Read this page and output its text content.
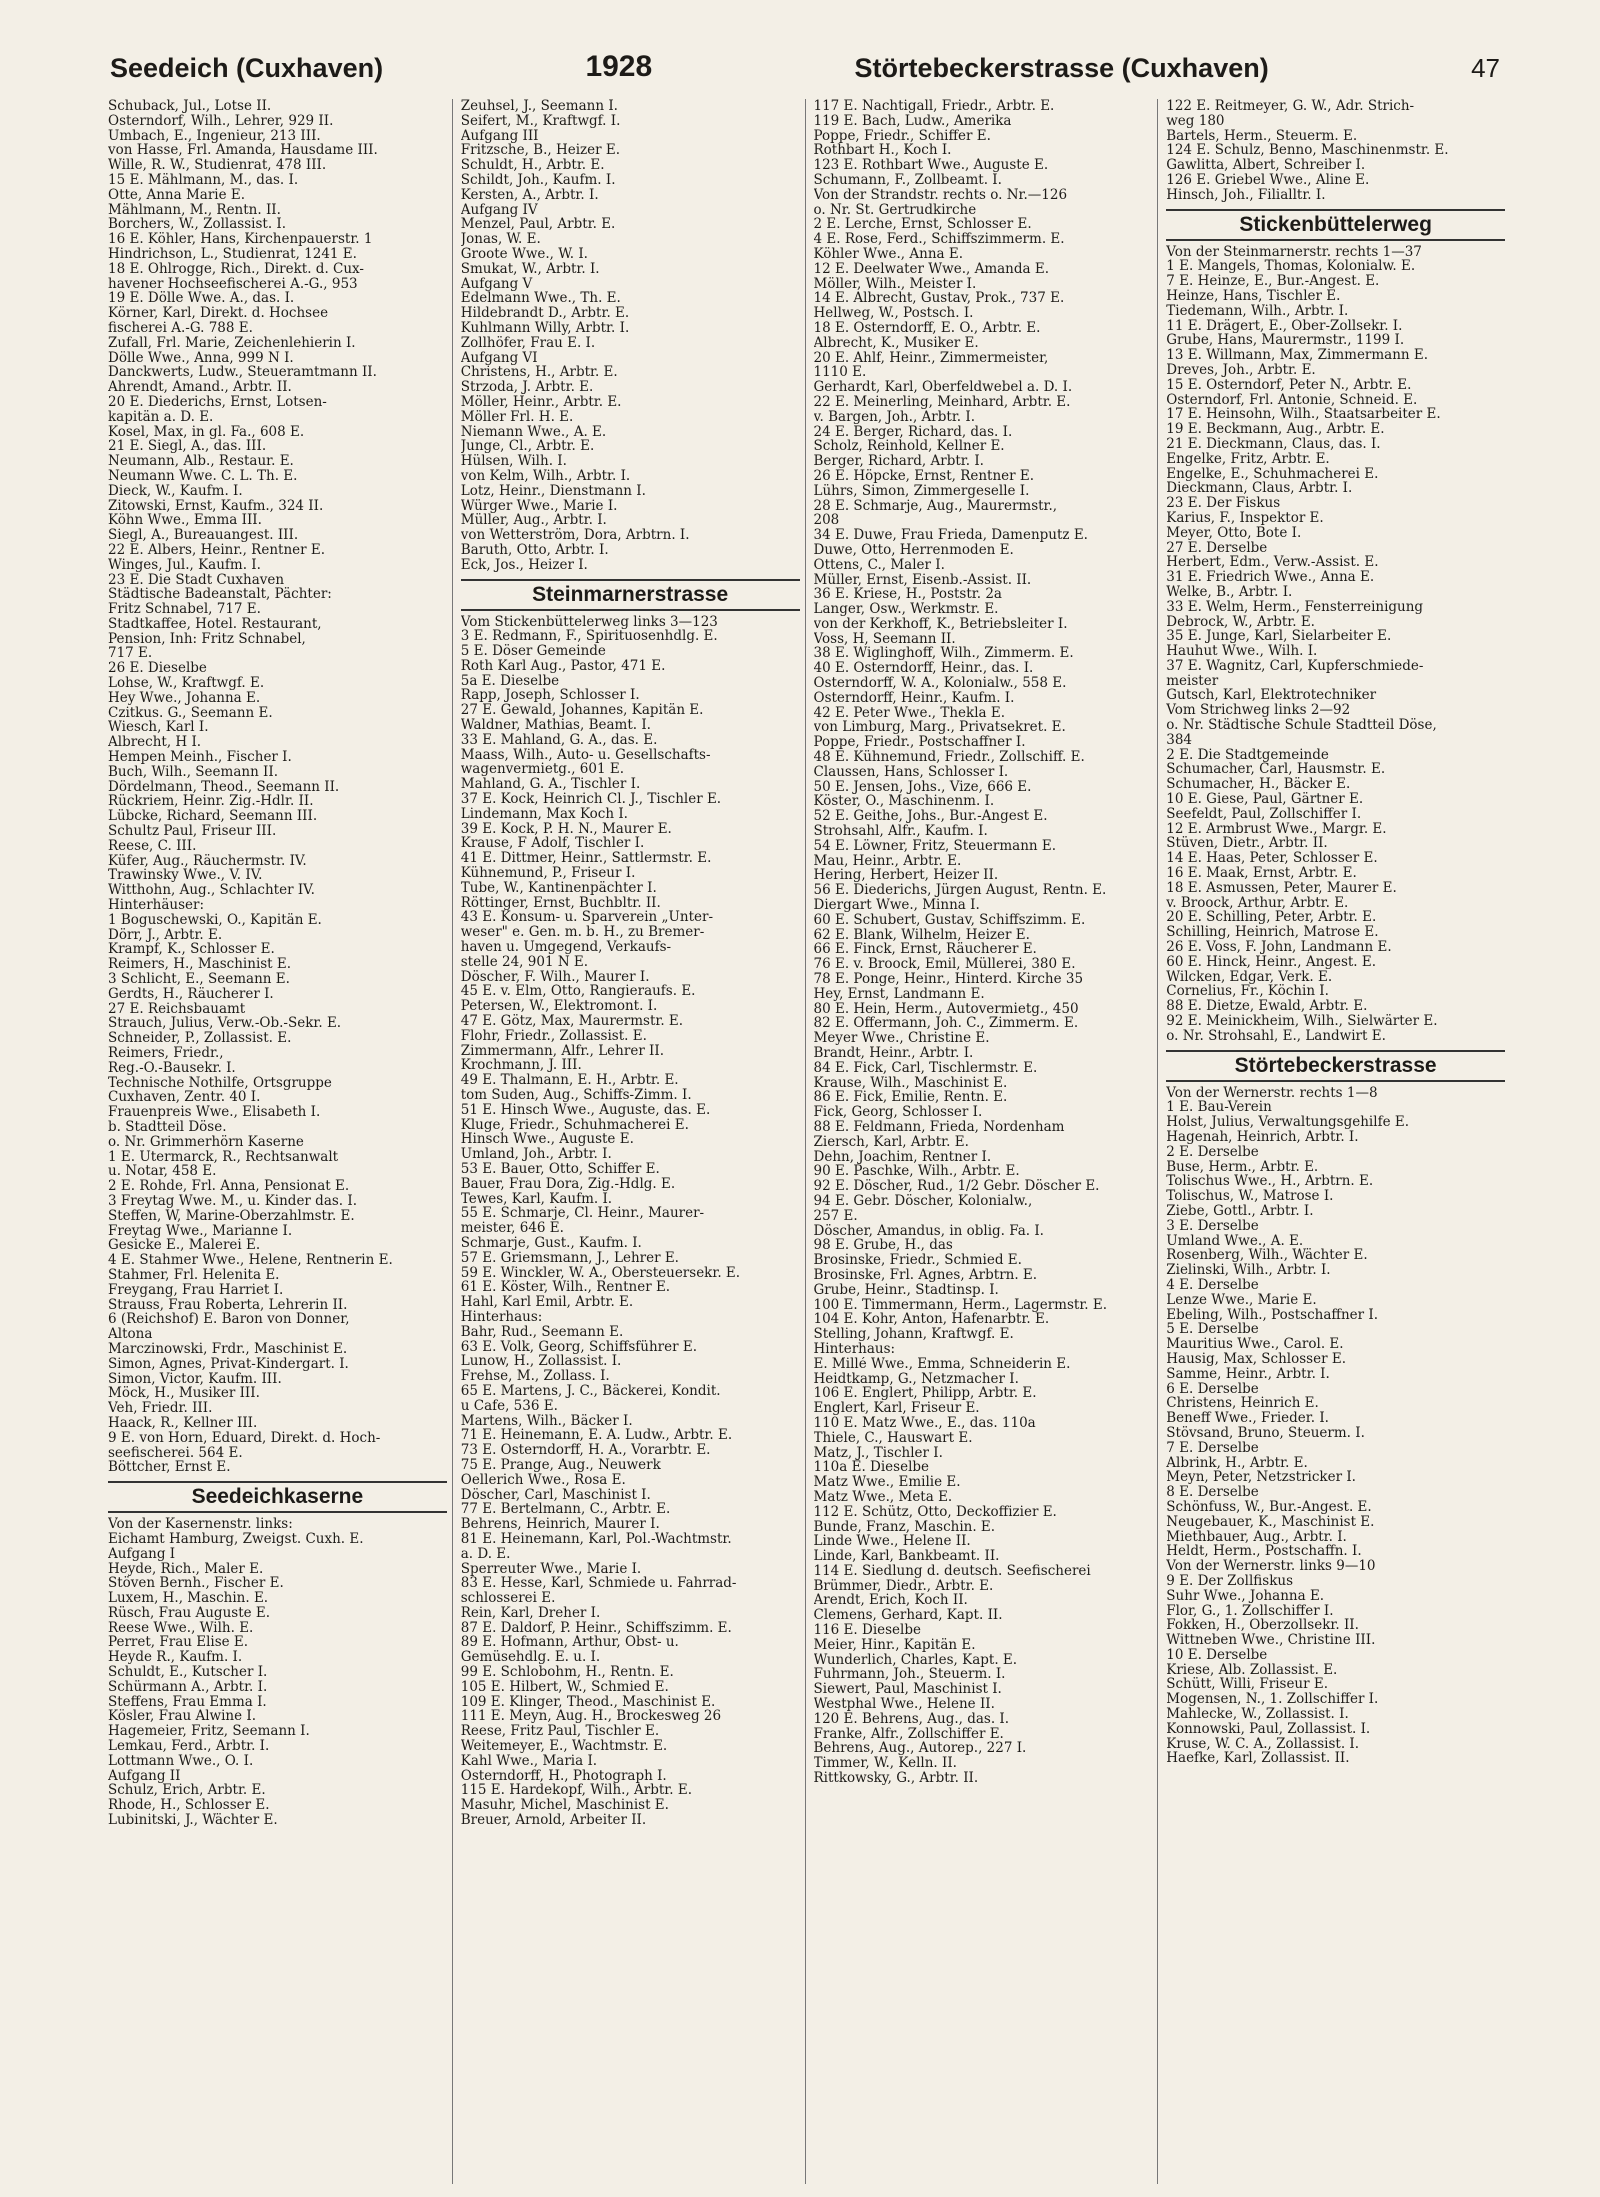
Seedeich (Cuxhaven)	1928	Störtebeckerstrasse (Cuxhaven)	47
Schuback, Jul., Lotse II.
Osterndorf, Wilh., Lehrer, 929 II.
Umbach, E., Ingenieur, 213 III.
von Hasse, Frl. Amanda, Hausdame III.
Wille, R. W., Studienrat, 478 III.
15 E. Mählmann, M., das. I.
Otte, Anna Marie E.
Mählmann, M., Rentn. II.
Borchers, W., Zollassist. I.
16 E. Köhler, Hans, Kirchenpauerstr. 1
Hindrichson, L., Studienrat, 1241 E.
18 E. Ohlrogge, Rich., Direkt. d. Cux-
havener Hochseefischerei A.-G., 953
19 E. Dölle Wwe. A., das. I.
Körner, Karl, Direkt. d. Hochsee
fischerei A.-G. 788 E.
Zufall, Frl. Marie, Zeichenlehierin I.
Dölle Wwe., Anna, 999 N I.
Danckwerts, Ludw., Steueramtmann II.
Ahrendt, Amand., Arbtr. II.
20 E. Diederichs, Ernst, Lotsen-
kapitän a. D. E.
Kosel, Max, in gl. Fa., 608 E.
21 E. Siegl, A., das. III.
Neumann, Alb., Restaur. E.
Neumann Wwe. C. L. Th. E.
Dieck, W., Kaufm. I.
Zitowski, Ernst, Kaufm., 324 II.
Köhn Wwe., Emma III.
Siegl, A., Bureauangest. III.
22 E. Albers, Heinr., Rentner E.
Winges, Jul., Kaufm. I.
23 E. Die Stadt Cuxhaven
Städtische Badeanstalt, Pächter:
Fritz Schnabel, 717 E.
Stadtkaffee, Hotel. Restaurant,
Pension, Inh: Fritz Schnabel,
717 E.
26 E. Dieselbe
Lohse, W., Kraftwgf. E.
Hey Wwe., Johanna E.
Czitkus. G., Seemann E.
Wiesch, Karl I.
Albrecht, H I.
Hempen Meinh., Fischer I.
Buch, Wilh., Seemann II.
Dördelmann, Theod., Seemann II.
Rückriem, Heinr. Zig.-Hdlr. II.
Lübcke, Richard, Seemann III.
Schultz Paul, Friseur III.
Reese, C. III.
Küfer, Aug., Räuchermstr. IV.
Trawinsky Wwe., V. IV.
Witthohn, Aug., Schlachter IV.
Hinterhäuser:
1 Boguschewski, O., Kapitän E.
Dörr, J., Arbtr. E.
Krampf, K., Schlosser E.
Reimers, H., Maschinist E.
3 Schlicht, E., Seemann E.
Gerdts, H., Räucherer I.
27 E. Reichsbauamt
Strauch, Julius, Verw.-Ob.-Sekr. E.
Schneider, P., Zollassist. E.
Reimers, Friedr.,
Reg.-O.-Bausekr. I.
Technische Nothilfe, Ortsgruppe
Cuxhaven, Zentr. 40 I.
Frauenpreis Wwe., Elisabeth I.
b. Stadtteil Döse.
o. Nr. Grimmerhörn Kaserne
1 E. Utermarck, R., Rechtsanwalt
u. Notar, 458 E.
2 E. Rohde, Frl. Anna, Pensionat E.
3 Freytag Wwe. M., u. Kinder das. I.
Steffen, W, Marine-Oberzahlmstr. E.
Freytag Wwe., Marianne I.
Gesicke E., Malerei E.
4 E. Stahmer Wwe., Helene, Rentnerin E.
Stahmer, Frl. Helenita E.
Freygang, Frau Harriet I.
Strauss, Frau Roberta, Lehrerin II.
6 (Reichshof) E. Baron von Donner,
Altona
Marczinowski, Frdr., Maschinist E.
Simon, Agnes, Privat-Kindergart. I.
Simon, Victor, Kaufm. III.
Möck, H., Musiker III.
Veh, Friedr. III.
Haack, R., Kellner III.
9 E. von Horn, Eduard, Direkt. d. Hoch-
seefischerei. 564 E.
Böttcher, Ernst E.
Seedeichkaserne
Von der Kasernenstr. links:
Eichamt Hamburg, Zweigst. Cuxh. E.
Aufgang I
Heyde, Rich., Maler E.
Stöven Bernh., Fischer E.
Luxem, H., Maschin. E.
Rüsch, Frau Auguste E.
Reese Wwe., Wilh. E.
Perret, Frau Elise E.
Heyde R., Kaufm. I.
Schuldt, E., Kutscher I.
Schürmann A., Arbtr. I.
Steffens, Frau Emma I.
Kösler, Frau Alwine I.
Hagemeier, Fritz, Seemann I.
Lemkau, Ferd., Arbtr. I.
Lottmann Wwe., O. I.
Aufgang II
Schulz, Erich, Arbtr. E.
Rhode, H., Schlosser E.
Lubinitski, J., Wächter E.
Zeuhsel, J., Seemann I.
Seifert, M., Kraftwgf. I.
Aufgang III
Fritzsche, B., Heizer E.
Schuldt, H., Arbtr. E.
Schildt, Joh., Kaufm. I.
Kersten, A., Arbtr. I.
Aufgang IV
Menzel, Paul, Arbtr. E.
Jonas, W. E.
Groote Wwe., W. I.
Smukat, W., Arbtr. I.
Aufgang V
Edelmann Wwe., Th. E.
Hildebrandt D., Arbtr. E.
Kuhlmann Willy, Arbtr. I.
Zollhöfer, Frau E. I.
Aufgang VI
Christens, H., Arbtr. E.
Strzoda, J. Arbtr. E.
Möller, Heinr., Arbtr. E.
Möller Frl. H. E.
Niemann Wwe., A. E.
Junge, Cl., Arbtr. E.
Hülsen, Wilh. I.
von Kelm, Wilh., Arbtr. I.
Lotz, Heinr., Dienstmann I.
Würger Wwe., Marie I.
Müller, Aug., Arbtr. I.
von Wetterström, Dora, Arbtrn. I.
Baruth, Otto, Arbtr. I.
Eck, Jos., Heizer I.
Steinmarnerstrasse
Vom Stickenbüttelerweg links 3—123
3 E. Redmann, F., Spirituosenhdlg. E.
5 E. Döser Gemeinde
Roth Karl Aug., Pastor, 471 E.
5a E. Dieselbe
Rapp, Joseph, Schlosser I.
27 E. Gewald, Johannes, Kapitän E.
Waldner, Mathias, Beamt. I.
33 E. Mahland, G. A., das. E.
Maass, Wilh., Auto- u. Gesellschafts-
wagenvermietg., 601 E.
Mahland, G. A., Tischler I.
37 E. Kock, Heinrich Cl. J., Tischler E.
Lindemann, Max Koch I.
39 E. Kock, P. H. N., Maurer E.
Krause, F Adolf, Tischler I.
41 E. Dittmer, Heinr., Sattlermstr. E.
Kühnemund, P., Friseur I.
Tube, W., Kantinenpächter I.
Röttinger, Ernst, Buchbltr. II.
43 E. Konsum- u. Sparverein „Unter-
weser" e. Gen. m. b. H., zu Bremer-
haven u. Umgegend, Verkaufs-
stelle 24, 901 N E.
Döscher, F. Wilh., Maurer I.
45 E. v. Elm, Otto, Rangieraufs. E.
Petersen, W., Elektromont. I.
47 E. Götz, Max, Maurermstr. E.
Flohr, Friedr., Zollassist. E.
Zimmermann, Alfr., Lehrer II.
Krochmann, J. III.
49 E. Thalmann, E. H., Arbtr. E.
tom Suden, Aug., Schiffs-Zimm. I.
51 E. Hinsch Wwe., Auguste, das. E.
Kluge, Friedr., Schuhmacherei E.
Hinsch Wwe., Auguste E.
Umland, Joh., Arbtr. I.
53 E. Bauer, Otto, Schiffer E.
Bauer, Frau Dora, Zig.-Hdlg. E.
Tewes, Karl, Kaufm. I.
55 E. Schmarje, Cl. Heinr., Maurer-
meister, 646 E.
Schmarje, Gust., Kaufm. I.
57 E. Griemsmann, J., Lehrer E.
59 E. Winckler, W. A., Obersteuersekr. E.
61 E. Köster, Wilh., Rentner E.
Hahl, Karl Emil, Arbtr. E.
Hinterhaus:
Bahr, Rud., Seemann E.
63 E. Volk, Georg, Schiffsführer E.
Lunow, H., Zollassist. I.
Frehse, M., Zollass. I.
65 E. Martens, J. C., Bäckerei, Kondit.
u Cafe, 536 E.
Martens, Wilh., Bäcker I.
71 E. Heinemann, E. A. Ludw., Arbtr. E.
73 E. Osterndorff, H. A., Vorarbtr. E.
75 E. Prange, Aug., Neuwerk
Oellerich Wwe., Rosa E.
Döscher, Carl, Maschinist I.
77 E. Bertelmann, C., Arbtr. E.
Behrens, Heinrich, Maurer I.
81 E. Heinemann, Karl, Pol.-Wachtmstr.
a. D. E.
Sperreuter Wwe., Marie I.
83 E. Hesse, Karl, Schmiede u. Fahrrad-
schlosserei E.
Rein, Karl, Dreher I.
87 E. Daldorf, P. Heinr., Schiffszimm. E.
89 E. Hofmann, Arthur, Obst- u.
Gemüsehdlg. E. u. I.
99 E. Schlobohm, H., Rentn. E.
105 E. Hilbert, W., Schmied E.
109 E. Klinger, Theod., Maschinist E.
111 E. Meyn, Aug. H., Brockesweg 26
Reese, Fritz Paul, Tischler E.
Weitemeyer, E., Wachtmstr. E.
Kahl Wwe., Maria I.
Osterndorff, H., Photograph I.
115 E. Hardekopf, Wilh., Arbtr. E.
Masuhr, Michel, Maschinist E.
Breuer, Arnold, Arbeiter II.
117 E. Nachtigall, Friedr., Arbtr. E.
119 E. Bach, Ludw., Amerika
Poppe, Friedr., Schiffer E.
Rothbart H., Koch I.
123 E. Rothbart Wwe., Auguste E.
Schumann, F., Zollbeamt. I.
Von der Strandstr. rechts o. Nr.—126
o. Nr. St. Gertrudkirche
2 E. Lerche, Ernst, Schlosser E.
4 E. Rose, Ferd., Schiffszimmerm. E.
Köhler Wwe., Anna E.
12 E. Deelwater Wwe., Amanda E.
Möller, Wilh., Meister I.
14 E. Albrecht, Gustav, Prok., 737 E.
Hellweg, W., Postsch. I.
18 E. Osterndorff, E. O., Arbtr. E.
Albrecht, K., Musiker E.
20 E. Ahlf, Heinr., Zimmermeister,
1110 E.
Gerhardt, Karl, Oberfeldwebel a. D. I.
22 E. Meinerling, Meinhard, Arbtr. E.
v. Bargen, Joh., Arbtr. I.
24 E. Berger, Richard, das. I.
Scholz, Reinhold, Kellner E.
Berger, Richard, Arbtr. I.
26 E. Höpcke, Ernst, Rentner E.
Lührs, Simon, Zimmergeselle I.
28 E. Schmarje, Aug., Maurermstr.,
208
34 E. Duwe, Frau Frieda, Damenputz E.
Duwe, Otto, Herrenmoden E.
Ottens, C., Maler I.
Müller, Ernst, Eisenb.-Assist. II.
36 E. Kriese, H., Poststr. 2a
Langer, Osw., Werkmstr. E.
von der Kerkhoff, K., Betriebsleiter I.
Voss, H, Seemann II.
38 E. Wiglinghoff, Wilh., Zimmerm. E.
40 E. Osterndorff, Heinr., das. I.
Osterndorff, W. A., Kolonialw., 558 E.
Osterndorff, Heinr., Kaufm. I.
42 E. Peter Wwe., Thekla E.
von Limburg, Marg., Privatsekret. E.
Poppe, Friedr., Postschaffner I.
48 E. Kühnemund, Friedr., Zollschiff. E.
Claussen, Hans, Schlosser I.
50 E. Jensen, Johs., Vize, 666 E.
Köster, O., Maschinenm. I.
52 E. Geithe, Johs., Bur.-Angest E.
Strohsahl, Alfr., Kaufm. I.
54 E. Löwner, Fritz, Steuermann E.
Mau, Heinr., Arbtr. E.
Hering, Herbert, Heizer II.
56 E. Diederichs, Jürgen August, Rentn. E.
Diergart Wwe., Minna I.
60 E. Schubert, Gustav, Schiffszimm. E.
62 E. Blank, Wilhelm, Heizer E.
66 E. Finck, Ernst, Räucherer E.
76 E. v. Broock, Emil, Müllerei, 380 E.
78 E. Ponge, Heinr., Hinterd. Kirche 35
Hey, Ernst, Landmann E.
80 E. Hein, Herm., Autovermietg., 450
82 E. Offermann, Joh. C., Zimmerm. E.
Meyer Wwe., Christine E.
Brandt, Heinr., Arbtr. I.
84 E. Fick, Carl, Tischlermstr. E.
Krause, Wilh., Maschinist E.
86 E. Fick, Emilie, Rentn. E.
Fick, Georg, Schlosser I.
88 E. Feldmann, Frieda, Nordenham
Ziersch, Karl, Arbtr. E.
Dehn, Joachim, Rentner I.
90 E. Paschke, Wilh., Arbtr. E.
92 E. Döscher, Rud., 1/2 Gebr. Döscher E.
94 E. Gebr. Döscher, Kolonialw.,
257 E.
Döscher, Amandus, in oblig. Fa. I.
98 E. Grube, H., das
Brosinske, Friedr., Schmied E.
Brosinske, Frl. Agnes, Arbtrn. E.
Grube, Heinr., Stadtinsp. I.
100 E. Timmermann, Herm., Lagermstr. E.
104 E. Kohr, Anton, Hafenarbtr. E.
Stelling, Johann, Kraftwgf. E.
Hinterhaus:
E. Millé Wwe., Emma, Schneiderin E.
Heidtkamp, G., Netzmacher I.
106 E. Englert, Philipp, Arbtr. E.
Englert, Karl, Friseur E.
110 E. Matz Wwe., E., das. 110a
Thiele, C., Hauswart E.
Matz, J., Tischler I.
110a E. Dieselbe
Matz Wwe., Emilie E.
Matz Wwe., Meta E.
112 E. Schütz, Otto, Deckoffizier E.
Bunde, Franz, Maschin. E.
Linde Wwe., Helene II.
Linde, Karl, Bankbeamt. II.
114 E. Siedlung d. deutsch. Seefischerei
Brümmer, Diedr., Arbtr. E.
Arendt, Erich, Koch II.
Clemens, Gerhard, Kapt. II.
116 E. Dieselbe
Meier, Hinr., Kapitän E.
Wunderlich, Charles, Kapt. E.
Fuhrmann, Joh., Steuerm. I.
Siewert, Paul, Maschinist I.
Westphal Wwe., Helene II.
120 E. Behrens, Aug., das. I.
Franke, Alfr., Zollschiffer E.
Behrens, Aug., Autorep., 227 I.
Timmer, W., Kelln. II.
Rittkowsky, G., Arbtr. II.
122 E. Reitmeyer, G. W., Adr. Strich-
weg 180
Bartels, Herm., Steuerm. E.
124 E. Schulz, Benno, Maschinenmstr. E.
Gawlitta, Albert, Schreiber I.
126 E. Griebel Wwe., Aline E.
Hinsch, Joh., Filialltr. I.
Stickenbüttelerweg
Von der Steinmarnerstr. rechts 1—37
1 E. Mangels, Thomas, Kolonialw. E.
7 E. Heinze, E., Bur.-Angest. E.
Heinze, Hans, Tischler E.
Tiedemann, Wilh., Arbtr. I.
11 E. Drägert, E., Ober-Zollsekr. I.
Grube, Hans, Maurermstr., 1199 I.
13 E. Willmann, Max, Zimmermann E.
Dreves, Joh., Arbtr. E.
15 E. Osterndorf, Peter N., Arbtr. E.
Osterndorf, Frl. Antonie, Schneid. E.
17 E. Heinsohn, Wilh., Staatsarbeiter E.
19 E. Beckmann, Aug., Arbtr. E.
21 E. Dieckmann, Claus, das. I.
Engelke, Fritz, Arbtr. E.
Engelke, E., Schuhmacherei E.
Dieckmann, Claus, Arbtr. I.
23 E. Der Fiskus
Karius, F., Inspektor E.
Meyer, Otto, Bote I.
27 E. Derselbe
Herbert, Edm., Verw.-Assist. E.
31 E. Friedrich Wwe., Anna E.
Welke, B., Arbtr. I.
33 E. Welm, Herm., Fensterreinigung
Debrock, W., Arbtr. E.
35 E. Junge, Karl, Sielarbeiter E.
Hauhut Wwe., Wilh. I.
37 E. Wagnitz, Carl, Kupferschmiede-
meister
Gutsch, Karl, Elektrotechniker
Vom Strichweg links 2—92
o. Nr. Städtische Schule Stadtteil Döse,
384
2 E. Die Stadtgemeinde
Schumacher, Carl, Hausmstr. E.
Schumacher, H., Bäcker E.
10 E. Giese, Paul, Gärtner E.
Seefeldt, Paul, Zollschiffer I.
12 E. Armbrust Wwe., Margr. E.
Stüven, Dietr., Arbtr. II.
14 E. Haas, Peter, Schlosser E.
16 E. Maak, Ernst, Arbtr. E.
18 E. Asmussen, Peter, Maurer E.
v. Broock, Arthur, Arbtr. E.
20 E. Schilling, Peter, Arbtr. E.
Schilling, Heinrich, Matrose E.
26 E. Voss, F. John, Landmann E.
60 E. Hinck, Heinr., Angest. E.
Wilcken, Edgar, Verk. E.
Cornelius, Fr., Köchin I.
88 E. Dietze, Ewald, Arbtr. E.
92 E. Meinickheim, Wilh., Sielwärter E.
o. Nr. Strohsahl, E., Landwirt E.
Störtebeckerstrasse
Von der Wernerstr. rechts 1—8
1 E. Bau-Verein
Holst, Julius, Verwaltungsgehilfe E.
Hagenah, Heinrich, Arbtr. I.
2 E. Derselbe
Buse, Herm., Arbtr. E.
Tolischus Wwe., H., Arbtrn. E.
Tolischus, W., Matrose I.
Ziebe, Gottl., Arbtr. I.
3 E. Derselbe
Umland Wwe., A. E.
Rosenberg, Wilh., Wächter E.
Zielinski, Wilh., Arbtr. I.
4 E. Derselbe
Lenze Wwe., Marie E.
Ebeling, Wilh., Postschaffner I.
5 E. Derselbe
Mauritius Wwe., Carol. E.
Hausig, Max, Schlosser E.
Samme, Heinr., Arbtr. I.
6 E. Derselbe
Christens, Heinrich E.
Beneff Wwe., Frieder. I.
Stövsand, Bruno, Steuerm. I.
7 E. Derselbe
Albrink, H., Arbtr. E.
Meyn, Peter, Netzstricker I.
8 E. Derselbe
Schönfuss, W., Bur.-Angest. E.
Neugebauer, K., Maschinist E.
Miethbauer, Aug., Arbtr. I.
Heldt, Herm., Postschaffn. I.
Von der Wernerstr. links 9—10
9 E. Der Zollfiskus
Suhr Wwe., Johanna E.
Flor, G., 1. Zollschiffer I.
Fokken, H., Oberzollsekr. II.
Wittneben Wwe., Christine III.
10 E. Derselbe
Kriese, Alb. Zollassist. E.
Schütt, Willi, Friseur E.
Mogensen, N., 1. Zollschiffer I.
Mahlecke, W., Zollassist. I.
Konnowski, Paul, Zollassist. I.
Kruse, W. C. A., Zollassist. I.
Haefke, Karl, Zollassist. II.
